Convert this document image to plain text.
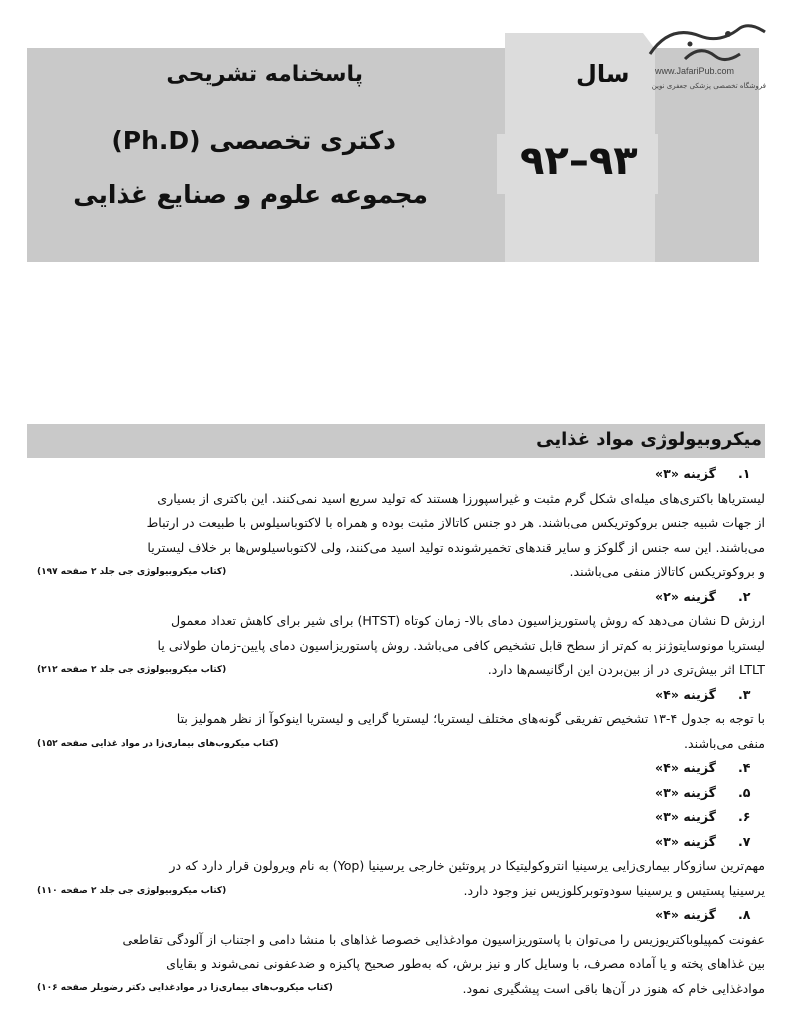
پاسخنامه تشریحی
دکتری تخصصی (Ph.D)
مجموعه علوم و صنایع غذایی
سال
۹۲–۹۳
www.JafariPub.com
فروشگاه تخصصی پزشکی جعفری نوین
میکروبیولوژی مواد غذایی
.۱
گزینه «۳»
لیستریاها باکتری‌های میله‌ای شکل گرم مثبت و غیراسپورزا هستند که تولید سریع اسید نمی‌کنند. این باکتری از بسیاری
از جهات شبیه جنس بروکوتریکس می‌باشند. هر دو جنس کاتالاز مثبت بوده و همراه با لاکتوباسیلوس با طبیعت در ارتباط
می‌باشند. این سه جنس از گلوکز و سایر قندهای تخمیرشونده تولید اسید می‌کنند، ولی لاکتوباسیلوس‌ها بر خلاف لیستریا
و بروکوتریکس کاتالاز منفی می‌باشند.
(کتاب میکروبیولوژی جی جلد ۲ صفحه ۱۹۷)
.۲
گزینه «۲»
ارزش D نشان می‌دهد که روش پاستوریزاسیون دمای بالا- زمان کوتاه (HTST) برای شیر برای کاهش تعداد معمول
لیستریا مونوسایتوژنز به کم‌تر از سطح قابل تشخیص کافی می‌باشد. روش پاستوریزاسیون دمای پایین-زمان طولانی یا
LTLT اثر بیش‌تری در از بین‌بردن این ارگانیسم‌ها دارد.
(کتاب میکروبیولوژی جی جلد ۲ صفحه ۲۱۲)
.۳
گزینه «۴»
با توجه به جدول ۴-۱۳ تشخیص تفریقی گونه‌های مختلف لیستریا؛ لیستریا گرایی و لیستریا اینوکوآ از نظر همولیز بتا
منفی می‌باشند.
(کتاب میکروب‌های بیماری‌زا در مواد غذایی صفحه ۱۵۲)
.۴
گزینه «۴»
.۵
گزینه «۳»
.۶
گزینه «۳»
.۷
گزینه «۳»
مهم‌ترین سازوکار بیماری‌زایی یرسینیا انتروکولیتیکا در پروتئین خارجی یرسینیا (Yop) به نام ویرولون قرار دارد که در
یرسینیا پستیس و یرسینیا سودوتوبرکلوزیس نیز وجود دارد.
(کتاب میکروبیولوژی جی جلد ۲ صفحه ۱۱۰)
.۸
گزینه «۴»
عفونت کمپیلوباکتریوزیس را می‌توان با پاستوریزاسیون موادغذایی خصوصا غذاهای با منشا دامی و اجتناب از آلودگی تقاطعی
بین غذاهای پخته و یا آماده مصرف، با وسایل کار و نیز برش، که به‌طور صحیح پاکیزه و ضدعفونی نمی‌شوند و بقایای
موادغذایی خام که هنوز در آن‌ها باقی است پیشگیری نمود.
(کتاب میکروب‌های بیماری‌زا در موادغذایی دکتر رضویلر صفحه ۱۰۶)
